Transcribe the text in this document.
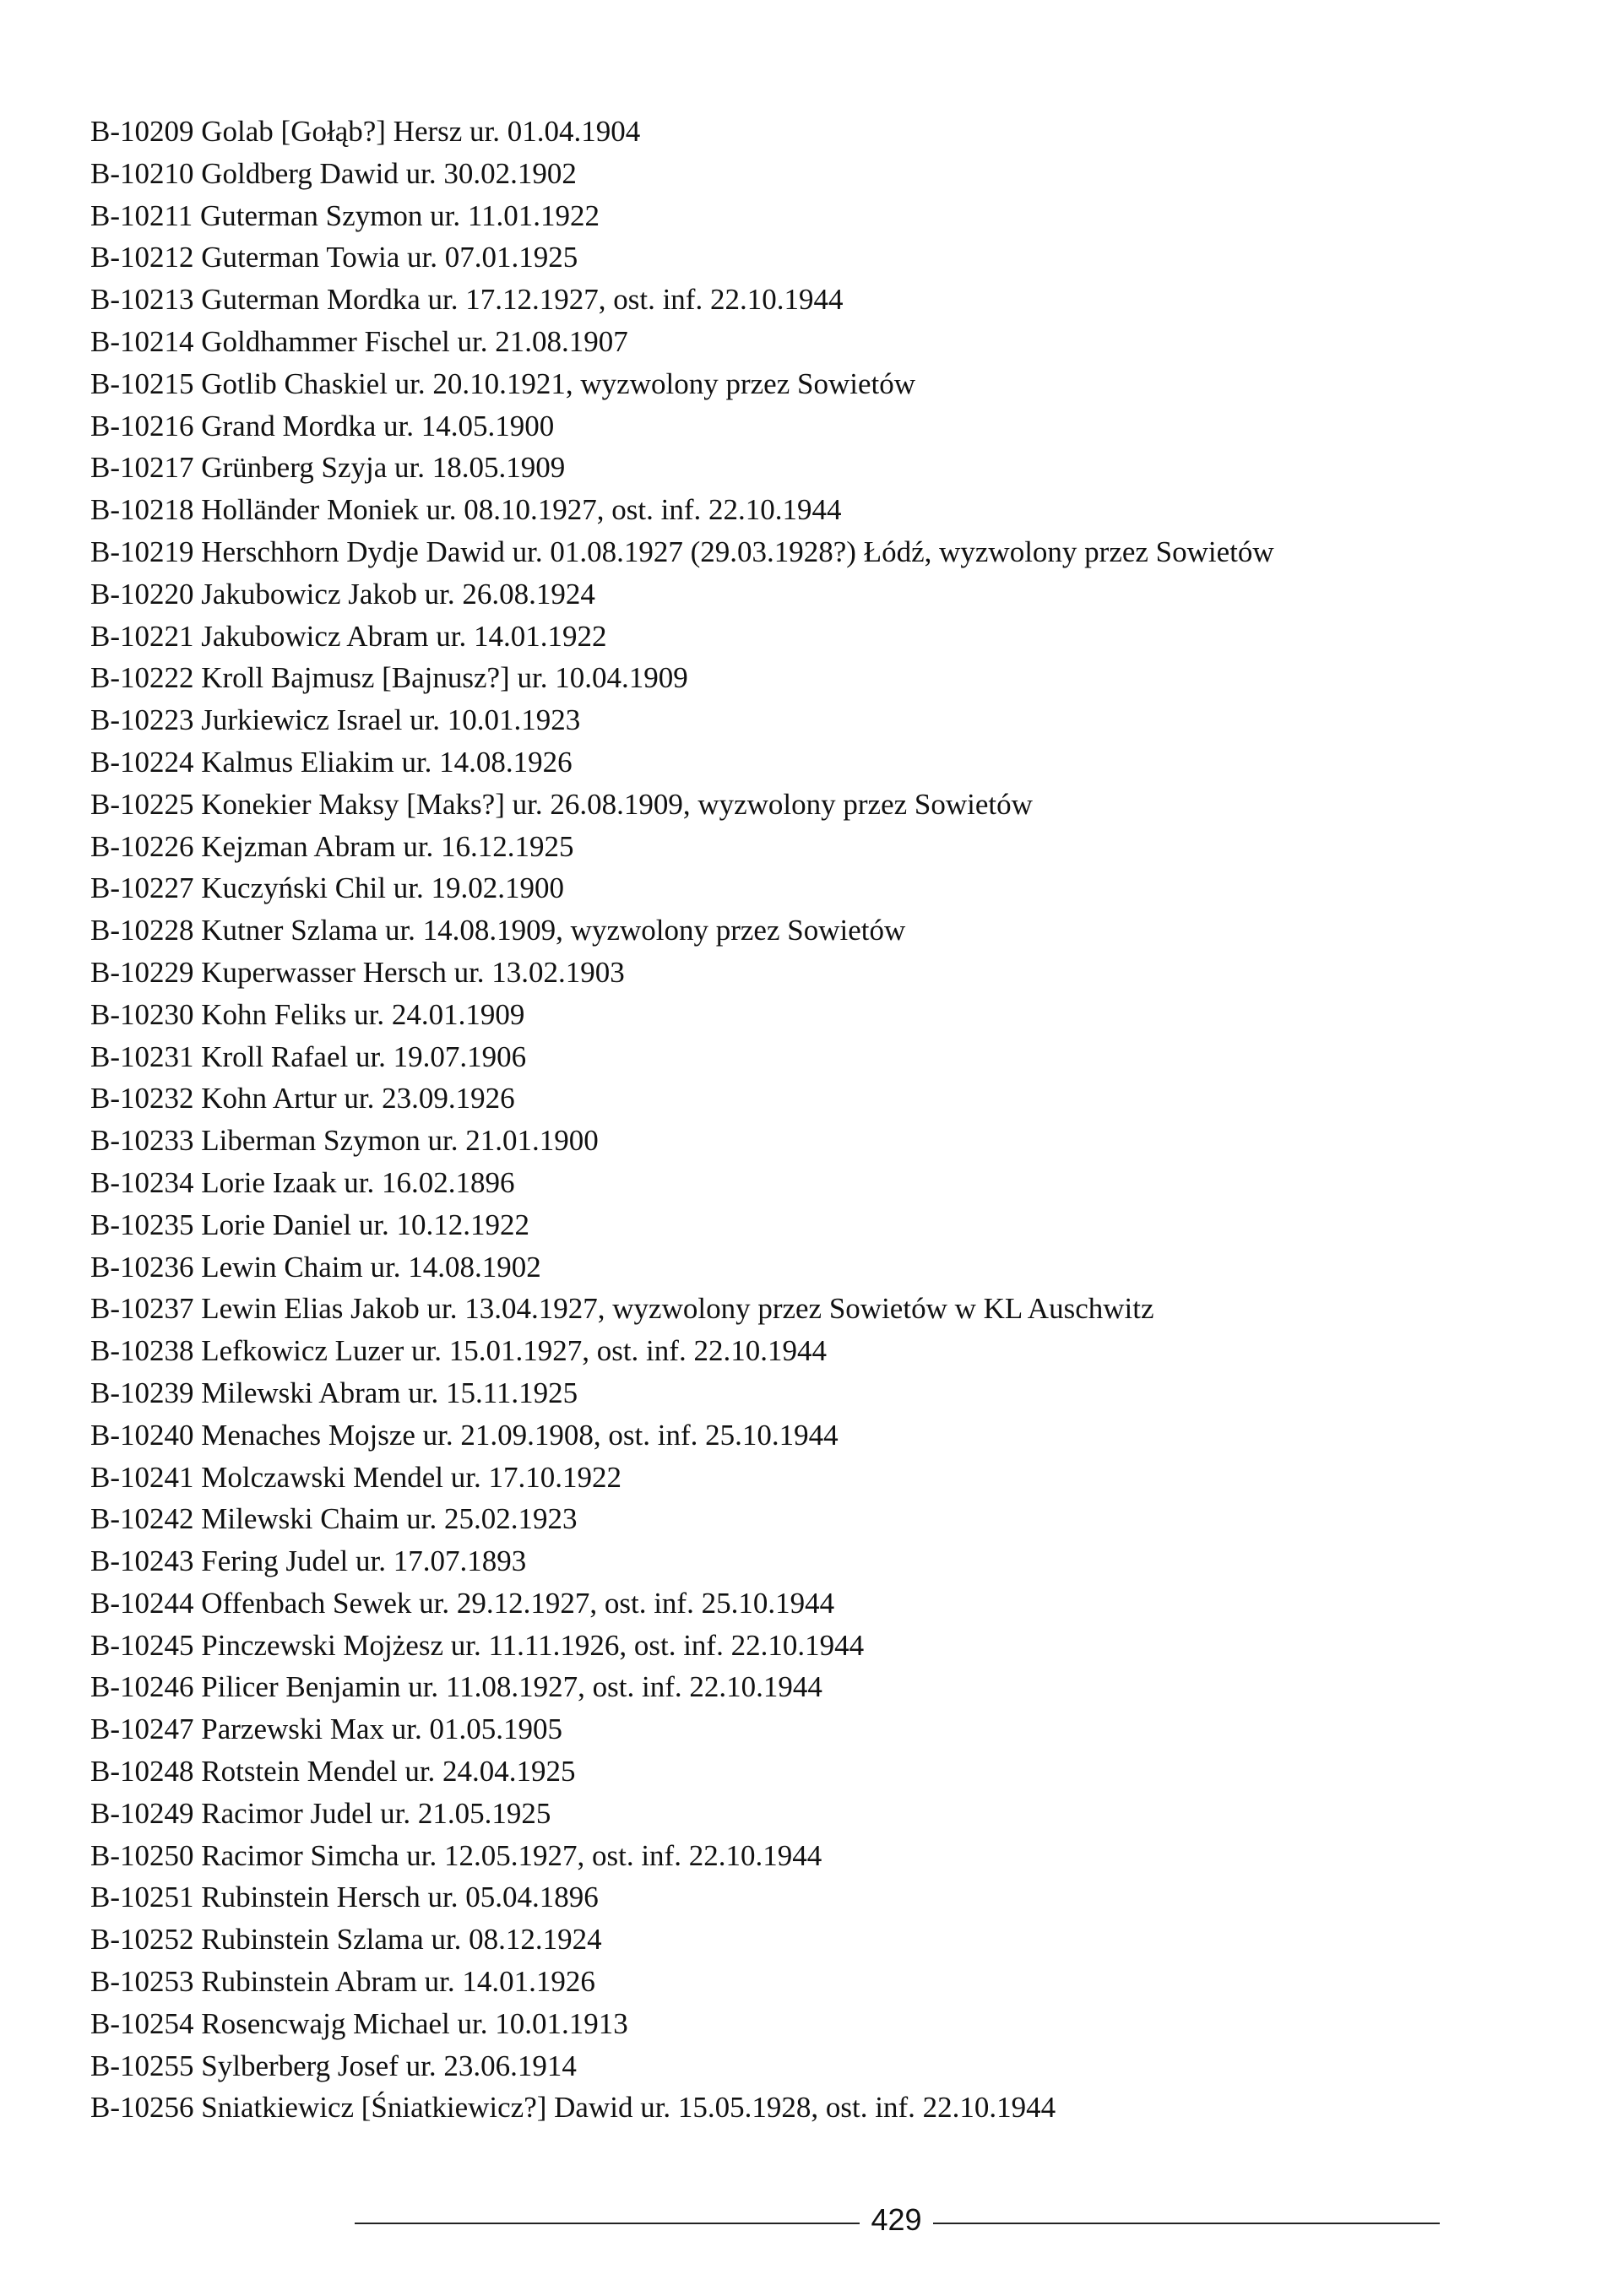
B-10209 Golab [Gołąb?] Hersz ur. 01.04.1904
B-10210 Goldberg Dawid ur. 30.02.1902
B-10211 Guterman Szymon ur. 11.01.1922
B-10212 Guterman Towia ur. 07.01.1925
B-10213 Guterman Mordka ur. 17.12.1927, ost. inf. 22.10.1944
B-10214 Goldhammer Fischel ur. 21.08.1907
B-10215 Gotlib Chaskiel ur. 20.10.1921, wyzwolony przez Sowietów
B-10216 Grand Mordka ur. 14.05.1900
B-10217 Grünberg Szyja ur. 18.05.1909
B-10218 Holländer Moniek ur. 08.10.1927, ost. inf. 22.10.1944
B-10219 Herschhorn Dydje Dawid ur. 01.08.1927 (29.03.1928?) Łódź, wyzwolony przez Sowietów
B-10220 Jakubowicz Jakob ur. 26.08.1924
B-10221 Jakubowicz Abram ur. 14.01.1922
B-10222 Kroll Bajmusz [Bajnusz?] ur. 10.04.1909
B-10223 Jurkiewicz Israel ur. 10.01.1923
B-10224 Kalmus Eliakim ur. 14.08.1926
B-10225 Konekier Maksy [Maks?] ur. 26.08.1909, wyzwolony przez Sowietów
B-10226 Kejzman Abram ur. 16.12.1925
B-10227 Kuczyński Chil ur. 19.02.1900
B-10228 Kutner Szlama ur. 14.08.1909, wyzwolony przez Sowietów
B-10229 Kuperwasser Hersch ur. 13.02.1903
B-10230 Kohn Feliks ur. 24.01.1909
B-10231 Kroll Rafael ur. 19.07.1906
B-10232 Kohn Artur ur. 23.09.1926
B-10233 Liberman Szymon ur. 21.01.1900
B-10234 Lorie Izaak ur. 16.02.1896
B-10235 Lorie Daniel ur. 10.12.1922
B-10236 Lewin Chaim ur. 14.08.1902
B-10237 Lewin Elias Jakob ur. 13.04.1927, wyzwolony przez Sowietów w KL Auschwitz
B-10238 Lefkowicz Luzer ur. 15.01.1927, ost. inf. 22.10.1944
B-10239 Milewski Abram ur. 15.11.1925
B-10240 Menaches Mojsze ur. 21.09.1908, ost. inf. 25.10.1944
B-10241 Molczawski Mendel ur. 17.10.1922
B-10242 Milewski Chaim ur. 25.02.1923
B-10243 Fering Judel ur. 17.07.1893
B-10244 Offenbach Sewek ur. 29.12.1927, ost. inf. 25.10.1944
B-10245 Pinczewski Mojżesz ur. 11.11.1926, ost. inf. 22.10.1944
B-10246 Pilicer Benjamin ur. 11.08.1927, ost. inf. 22.10.1944
B-10247 Parzewski Max ur. 01.05.1905
B-10248 Rotstein Mendel ur. 24.04.1925
B-10249 Racimor Judel ur. 21.05.1925
B-10250 Racimor Simcha ur. 12.05.1927, ost. inf. 22.10.1944
B-10251 Rubinstein Hersch ur. 05.04.1896
B-10252 Rubinstein Szlama ur. 08.12.1924
B-10253 Rubinstein Abram ur. 14.01.1926
B-10254 Rosencwajg Michael ur. 10.01.1913
B-10255 Sylberberg Josef ur. 23.06.1914
B-10256 Sniatkiewicz [Śniatkiewicz?] Dawid ur. 15.05.1928, ost. inf. 22.10.1944
429
